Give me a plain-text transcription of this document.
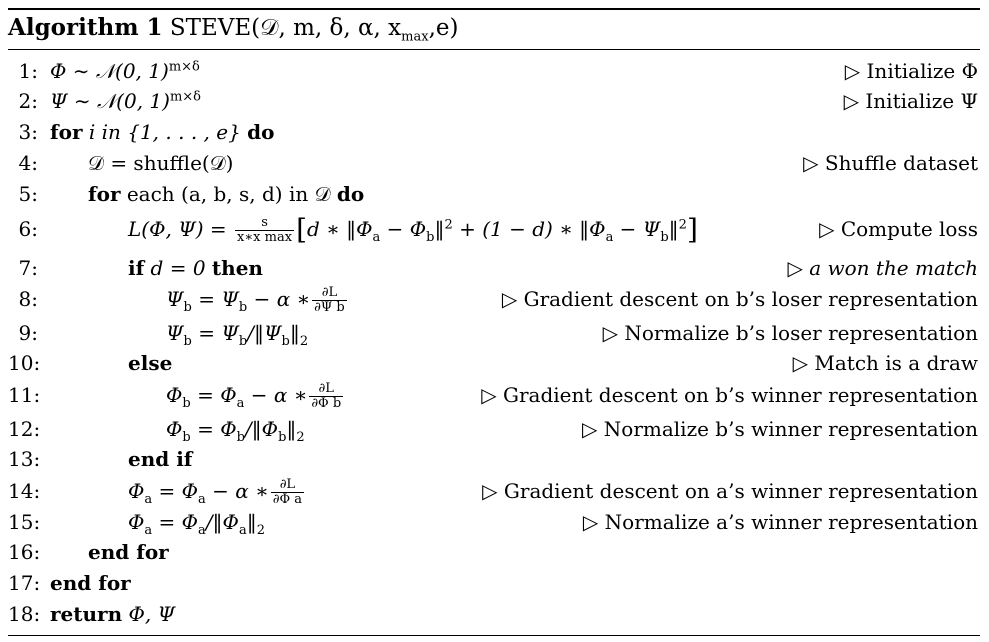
Algorithm 1 STEVE(𝒟, m, δ, α, $x_{max},e$)
1: Φ ∼ 𝒩(0, 1)$^{m\times\delta}$	▷ Initialize Φ
2: Ψ ∼ 𝒩(0, 1)$^{m\times\delta}$	▷ Initialize Ψ
3: for i in {1, . . . , e} do
4:	𝒟 = shuffle(𝒟)	▷ Shuffle dataset
5:	for each (a, b, s, d) in 𝒟 do
6:	L(Φ, $\Psi) = \frac{s}{\text{x∗x max}} [d$ ∗ $‖\Phi_a$ − $\Phi_b‖^2 + (1 - d)$ ∗ $‖\Phi_a$ − $\Psi_b‖^2$]	▷ Compute loss
7:	if d = 0 then	▷ a won the match
8:	$\Psi_b = \Psi_b - \alpha$ ∗ $\frac{\partial L}{\text{∂Ψ b}}$	▷ Gradient descent on b’s loser representation
9:	$\Psi_b$ = $\Psi_b/‖\Psi_b‖_2$	▷ Normalize b’s loser representation
10:	else	▷ Match is a draw
11:	$\Phi_b = \Phi_a - \alpha$ ∗ $\frac{\partial L}{\text{∂Φ b}}$	▷ Gradient descent on b’s winner representation
12:	$\Phi_b$ = $\Phi_b/‖\Phi_b‖_2$	▷ Normalize b’s winner representation
13:	end if
14:	$\Phi_a = \Phi_a - \alpha$ ∗ $\frac{\partial L}{\text{∂Φ a}}$	▷ Gradient descent on a’s winner representation
15:	$\Phi_a$ = $\Phi_a/‖\Phi_a‖_2$	▷ Normalize a’s winner representation
16: end for
17: end for
18: return Φ, Ψ
